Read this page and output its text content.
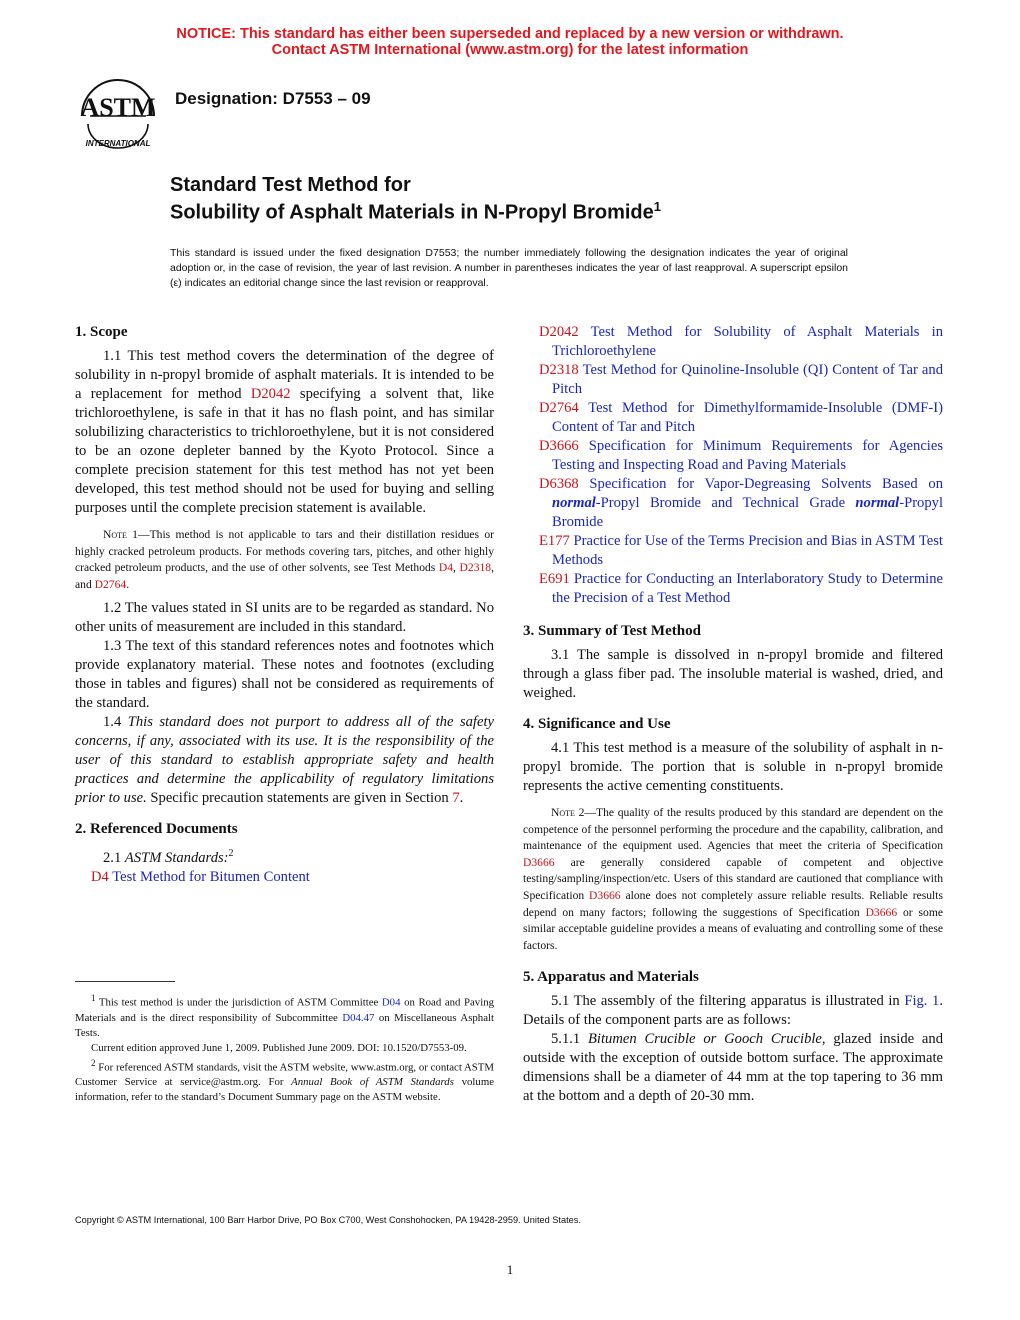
NOTICE: This standard has either been superseded and replaced by a new version or withdrawn.
Contact ASTM International (www.astm.org) for the latest information
ASTM
INTERNATIONAL
Designation: D7553 – 09
Standard Test Method for
Solubility of Asphalt Materials in N-Propyl Bromide$^1$
This standard is issued under the fixed designation D7553; the number immediately following the designation indicates the year of original adoption or, in the case of revision, the year of last revision. A number in parentheses indicates the year of last reapproval. A superscript epsilon (ε) indicates an editorial change since the last revision or reapproval.
1. Scope

1.1 This test method covers the determination of the degree of solubility in n-propyl bromide of asphalt materials. It is intended to be a replacement for method D2042 specifying a solvent that, like trichloroethylene, is safe in that it has no flash point, and has similar solubilizing characteristics to trichloroethylene, but it is not considered to be an ozone depleter banned by the Kyoto Protocol. Since a complete precision statement for this test method has not yet been developed, this test method should not be used for buying and selling purposes until the complete precision statement is available.

Note 1—This method is not applicable to tars and their distillation residues or highly cracked petroleum products. For methods covering tars, pitches, and other highly cracked petroleum products, and the use of other solvents, see Test Methods D4, D2318, and D2764.

1.2 The values stated in SI units are to be regarded as standard. No other units of measurement are included in this standard.

1.3 The text of this standard references notes and footnotes which provide explanatory material. These notes and footnotes (excluding those in tables and figures) shall not be considered as requirements of the standard.

1.4 This standard does not purport to address all of the safety concerns, if any, associated with its use. It is the responsibility of the user of this standard to establish appropriate safety and health practices and determine the applicability of regulatory limitations prior to use. Specific precaution statements are given in Section 7.

2. Referenced Documents

2.1 ASTM Standards:$^2$

D4 Test Method for Bitumen Content

$^1$ This test method is under the jurisdiction of ASTM Committee D04 on Road and Paving Materials and is the direct responsibility of Subcommittee D04.47 on Miscellaneous Asphalt Tests.

Current edition approved June 1, 2009. Published June 2009. DOI: 10.1520/D7553-09.

$^2$ For referenced ASTM standards, visit the ASTM website, www.astm.org, or contact ASTM Customer Service at service@astm.org. For Annual Book of ASTM Standards volume information, refer to the standard’s Document Summary page on the ASTM website.

D2042 Test Method for Solubility of Asphalt Materials in Trichloroethylene

D2318 Test Method for Quinoline-Insoluble (QI) Content of Tar and Pitch

D2764 Test Method for Dimethylformamide-Insoluble (DMF-I) Content of Tar and Pitch

D3666 Specification for Minimum Requirements for Agencies Testing and Inspecting Road and Paving Materials

D6368 Specification for Vapor-Degreasing Solvents Based on normal-Propyl Bromide and Technical Grade normal-Propyl Bromide

E177 Practice for Use of the Terms Precision and Bias in ASTM Test Methods

E691 Practice for Conducting an Interlaboratory Study to Determine the Precision of a Test Method

3. Summary of Test Method

3.1 The sample is dissolved in n-propyl bromide and filtered through a glass fiber pad. The insoluble material is washed, dried, and weighed.

4. Significance and Use

4.1 This test method is a measure of the solubility of asphalt in n-propyl bromide. The portion that is soluble in n-propyl bromide represents the active cementing constituents.

Note 2—The quality of the results produced by this standard are dependent on the competence of the personnel performing the procedure and the capability, calibration, and maintenance of the equipment used. Agencies that meet the criteria of Specification D3666 are generally considered capable of competent and objective testing/sampling/inspection/etc. Users of this standard are cautioned that compliance with Specification D3666 alone does not completely assure reliable results. Reliable results depend on many factors; following the suggestions of Specification D3666 or some similar acceptable guideline provides a means of evaluating and controlling some of these factors.

5. Apparatus and Materials

5.1 The assembly of the filtering apparatus is illustrated in Fig. 1. Details of the component parts are as follows:

5.1.1 Bitumen Crucible or Gooch Crucible, glazed inside and outside with the exception of outside bottom surface. The approximate dimensions shall be a diameter of 44 mm at the top tapering to 36 mm at the bottom and a depth of 20-30 mm.

Copyright © ASTM International, 100 Barr Harbor Drive, PO Box C700, West Conshohocken, PA 19428-2959. United States.
1
